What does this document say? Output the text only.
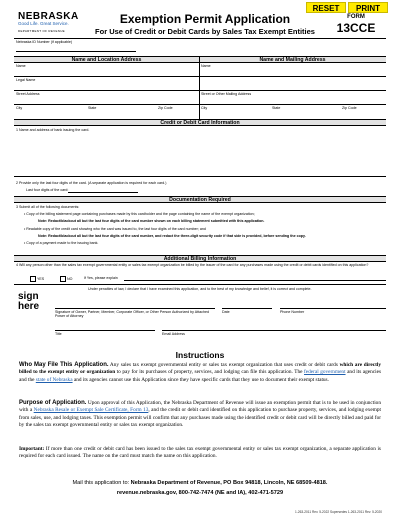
RESET	PRINT
NEBRASKA
Good Life. Great Service.
DEPARTMENT OF REVENUE
Exemption Permit Application
For Use of Credit or Debit Cards by Sales Tax Exempt Entities
FORM
13CCE
Nebraska ID Number (if applicable)
Name and Location Address	Name and Mailing Address
Name	Name
Legal Name
Street Address	Street or Other Mailing Address
City	State	Zip Code	City	State	Zip Code
Credit or Debit Card Information
1 Name and address of bank issuing the card.
2 Provide only the last four digits of the card. (A separate application is required for each card.)
Last four digits of the card:
Documentation Required
3 Submit all of the following documents:
• Copy of the billing statement page containing purchases made by this cardholder and the page containing the name of the exempt organization;
Note: Redact/blackout all but the last four digits of the card number shown on each billing statement submitted with this application.
• Readable copy of the credit card showing who the card was issued to, the last four digits of the card number; and
Note: Redact/blackout all but the last four digits of the card number, and redact the three-digit security code if that side is provided, before sending the copy.
• Copy of a payment made to the issuing bank.
Additional Billing Information
4 Will any person other than the sales tax exempt governmental entity or sales tax exempt organization be billed by the issuer of the card for any purchases made using the credit or debit cards identified on this application?
YES	NO	If Yes, please explain
Under penalties of law, I declare that I have examined this application, and to the best of my knowledge and belief, it is correct and complete.
sign
here	Signature of Owner, Partner, Member, Corporate Officer, or Other Person Authorized by Attached Power of Attorney
Date	Phone Number
Title	Email Address
Instructions
Who May File This Application. Any sales tax exempt governmental entity or sales tax exempt organization that uses credit or debit cards which are directly billed to the exempt entity or organization to pay for its purchases of property, services, and lodging can file this application. The federal government and its agencies and the state of Nebraska and its agencies cannot use this Application since they have specific cards that they use to document their exempt status.
Purpose of Application. Upon approval of this Application, the Nebraska Department of Revenue will issue an exemption permit that is to be used in conjunction with a Nebraska Resale or Exempt Sale Certificate, Form 13, and the credit or debit card identified on this application to purchase property, services, and lodging exempt from sales, use, and lodging taxes. This exemption permit will confirm that any purchases made using the identified credit or debit card will be directly billed and paid for by the sales tax exempt governmental entity or sales tax exempt organization.
Important: If more than one credit or debit card has been issued to the sales tax exempt governmental entity or sales tax exempt organization, a separate application is required for each card issued. The name on the card must match the name on this application.
Mail this application to: Nebraska Department of Revenue, PO Box 94818, Lincoln, NE 68509-4818.
revenue.nebraska.gov, 800-742-7474 (NE and IA), 402-471-5729
1-263-2011 Rev. 5-2022 Supersedes 1-263-2011 Rev. 5-2020
